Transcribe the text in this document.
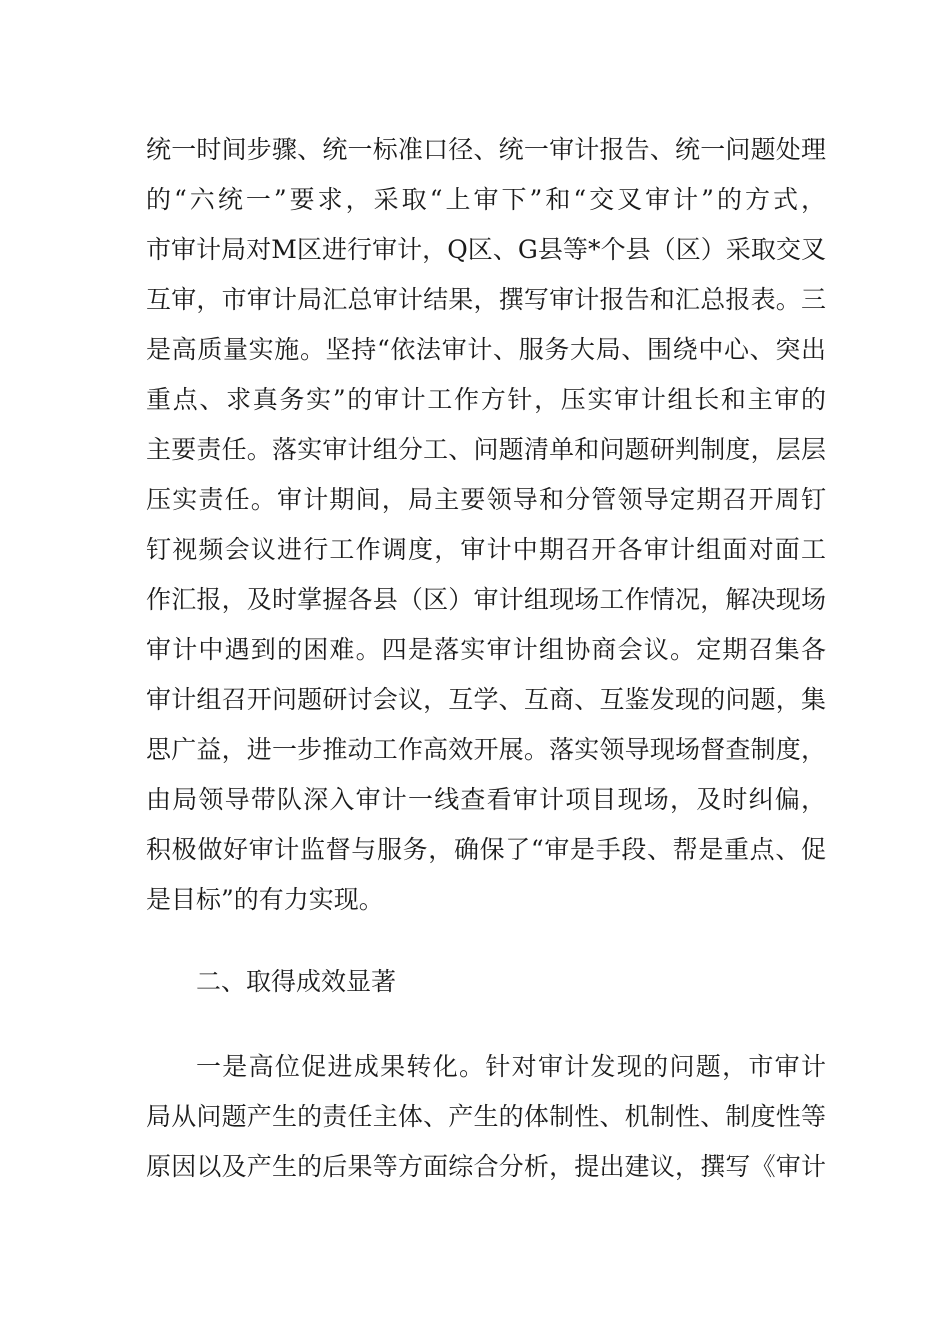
统一时间步骤、统一标准口径、统一审计报告、统一问题处理
的“六统一”要求，采取“上审下”和“交叉审计”的方式，
市审计局对M区进行审计，Q区、G县等*个县（区）采取交叉
互审，市审计局汇总审计结果，撰写审计报告和汇总报表。三
是高质量实施。坚持“依法审计、服务大局、围绕中心、突出
重点、求真务实”的审计工作方针，压实审计组长和主审的
主要责任。落实审计组分工、问题清单和问题研判制度，层层
压实责任。审计期间，局主要领导和分管领导定期召开周钉
钉视频会议进行工作调度，审计中期召开各审计组面对面工
作汇报，及时掌握各县（区）审计组现场工作情况，解决现场
审计中遇到的困难。四是落实审计组协商会议。定期召集各
审计组召开问题研讨会议，互学、互商、互鉴发现的问题，集
思广益，进一步推动工作高效开展。落实领导现场督查制度，
由局领导带队深入审计一线查看审计项目现场，及时纠偏，
积极做好审计监督与服务，确保了“审是手段、帮是重点、促
是目标”的有力实现。
二、取得成效显著
一是高位促进成果转化。针对审计发现的问题，市审计
局从问题产生的责任主体、产生的体制性、机制性、制度性等
原因以及产生的后果等方面综合分析，提出建议，撰写《审计
